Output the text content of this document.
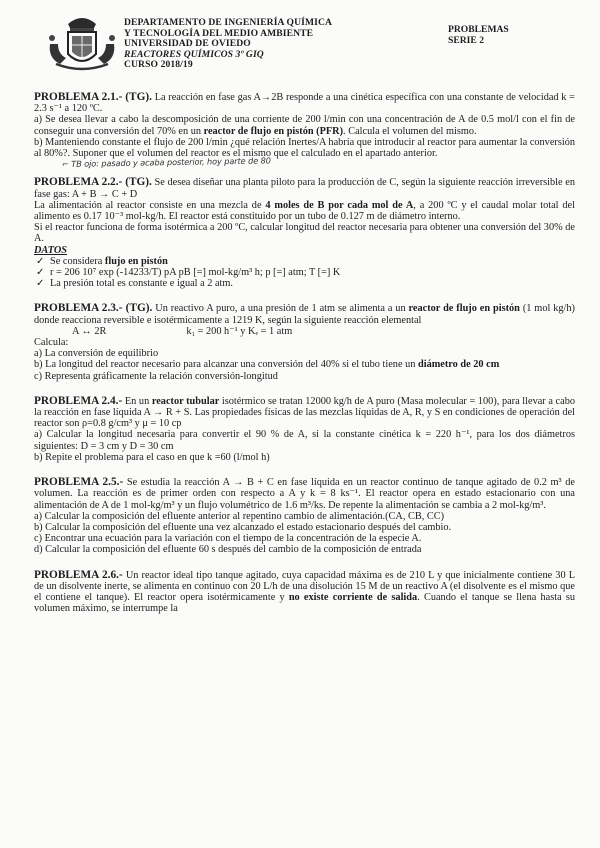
DEPARTAMENTO DE INGENIERÍA QUÍMICA
Y TECNOLOGÍA DEL MEDIO AMBIENTE
UNIVERSIDAD DE OVIEDO
REACTORES QUÍMICOS 3º GIQ
CURSO 2018/19
PROBLEMAS
SERIE 2

PROBLEMA 2.1.- (TG). La reacción en fase gas A→2B responde a una cinética específica con una constante de velocidad k = 2.3 s⁻¹ a 120 ºC.

a) Se desea llevar a cabo la descomposición de una corriente de 200 l/min con una concentración de A de 0.5 mol/l con el fin de conseguir una conversión del 70% en un reactor de flujo en pistón (PFR). Calcula el volumen del mismo.

b) Manteniendo constante el flujo de 200 l/min ¿qué relación Inertes/A habría que introducir al reactor para aumentar la conversión al 80%?. Suponer que el volumen del reactor es el mismo que el calculado en el apartado anterior.

⌐ TB ojo: pasado y acaba posterior, hoy parte de 80

PROBLEMA 2.2.- (TG). Se desea diseñar una planta piloto para la producción de C, según la siguiente reacción irreversible en fase gas: A + B → C + D

La alimentación al reactor consiste en una mezcla de 4 moles de B por cada mol de A, a 200 ºC y el caudal molar total del alimento es 0.17 10⁻³ mol-kg/h. El reactor está constituido por un tubo de 0.127 m de diámetro interno.

Si el reactor funciona de forma isotérmica a 200 ºC, calcular longitud del reactor necesaria para obtener una conversión del 30% de A.

DATOS

✓ Se considera flujo en pistón
✓ r = 206 10⁷ exp (-14233/T) pA pB [=] mol-kg/m³ h; p [=] atm; T [=] K
✓ La presión total es constante e igual a 2 atm.

PROBLEMA 2.3.- (TG). Un reactivo A puro, a una presión de 1 atm se alimenta a un reactor de flujo en pistón (1 mol kg/h) donde reacciona reversible e isotérmicamente a 1219 K, según la siguiente reacción elemental

A ↔ 2R	k₁ = 200 h⁻¹ y Kₑ = 1 atm

Calcula:

a) La conversión de equilibrio

b) La longitud del reactor necesario para alcanzar una conversión del 40% si el tubo tiene un diámetro de 20 cm

c) Representa gráficamente la relación conversión-longitud

PROBLEMA 2.4.- En un reactor tubular isotérmico se tratan 12000 kg/h de A puro (Masa molecular = 100), para llevar a cabo la reacción en fase líquida A → R + S. Las propiedades físicas de las mezclas líquidas de A, R, y S en condiciones de operación del reactor son ρ=0.8 g/cm³ y μ = 10 cp

a) Calcular la longitud necesaria para convertir el 90 % de A, si la constante cinética k = 220 h⁻¹, para los dos diámetros siguientes: D = 3 cm y D = 30 cm

b) Repite el problema para el caso en que k =60 (l/mol h)

PROBLEMA 2.5.- Se estudia la reacción A → B + C en fase líquida en un reactor continuo de tanque agitado de 0.2 m³ de volumen. La reacción es de primer orden con respecto a A y k = 8 ks⁻¹. El reactor opera en estado estacionario con una alimentación de A de 1 mol-kg/m³ y un flujo volumétrico de 1.6 m³/ks. De repente la alimentación se cambia a 2 mol-kg/m³.

a) Calcular la composición del efluente anterior al repentino cambio de alimentación.(CA, CB, CC)

b) Calcular la composición del efluente una vez alcanzado el estado estacionario después del cambio.

c) Encontrar una ecuación para la variación con el tiempo de la concentración de la especie A.

d) Calcular la composición del efluente 60 s después del cambio de la composición de entrada

PROBLEMA 2.6.- Un reactor ideal tipo tanque agitado, cuya capacidad máxima es de 210 L y que inicialmente contiene 30 L de un disolvente inerte, se alimenta en continuo con 20 L/h de una disolución 15 M de un reactivo A (el disolvente es el mismo que el contiene el tanque). El reactor opera isotérmicamente y no existe corriente de salida. Cuando el tanque se llena hasta su volumen máximo, se interrumpe la
